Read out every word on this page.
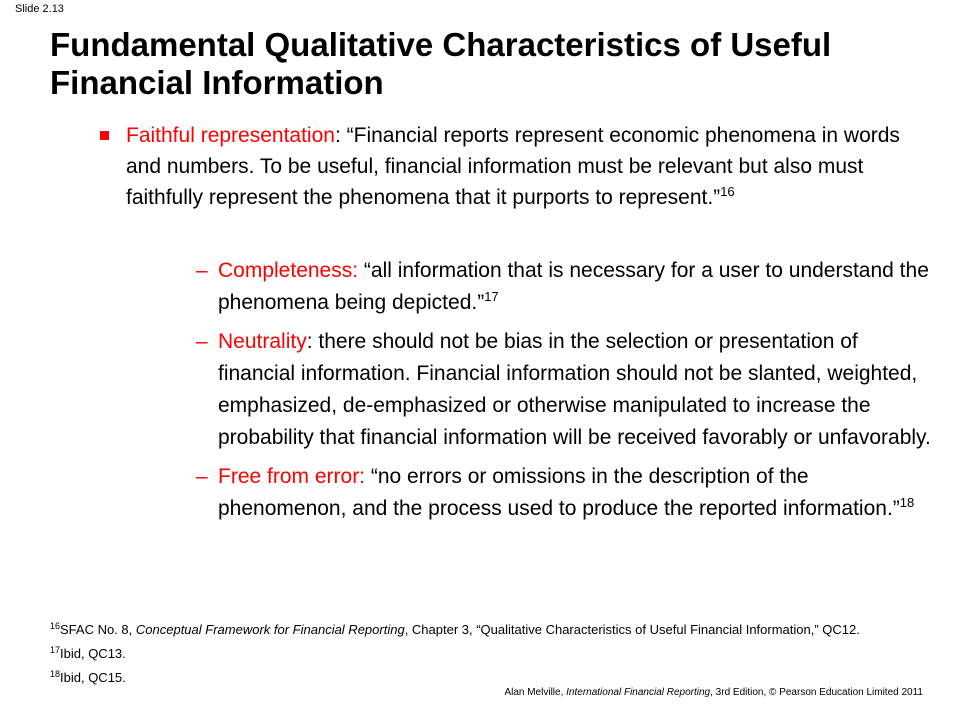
Slide 2.13
Fundamental Qualitative Characteristics of Useful Financial Information
Faithful representation: “Financial reports represent economic phenomena in words and numbers. To be useful, financial information must be relevant but also must faithfully represent the phenomena that it purports to represent.”$^{16}$
– Completeness: “all information that is necessary for a user to understand the phenomena being depicted.”$^{17}$
– Neutrality: there should not be bias in the selection or presentation of financial information. Financial information should not be slanted, weighted, emphasized, de-emphasized or otherwise manipulated to increase the probability that financial information will be received favorably or unfavorably.
– Free from error: “no errors or omissions in the description of the phenomenon, and the process used to produce the reported information.”$^{18}$

$^{16}$SFAC No. 8, Conceptual Framework for Financial Reporting, Chapter 3, “Qualitative Characteristics of Useful Financial Information,” QC12.

$^{17}$Ibid, QC13.

$^{18}$Ibid, QC15.

Alan Melville, International Financial Reporting, 3rd Edition, © Pearson Education Limited 2011
